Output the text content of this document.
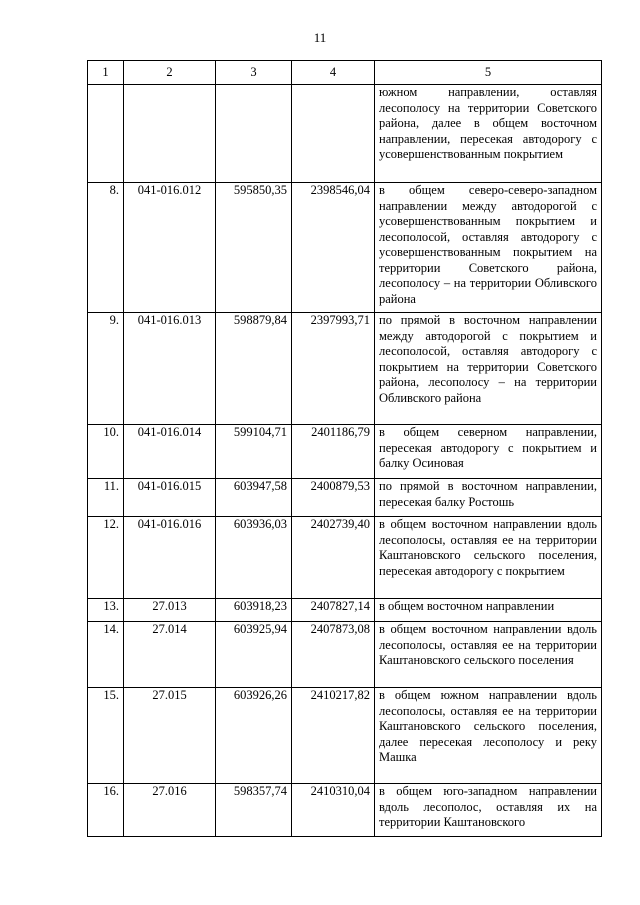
11
1	2	3	4	5
				южном направлении, оставляя лесополосу на территории Советского района, далее в общем восточном направлении, пересекая автодорогу с усовершенствованным покрытием
8.	041-016.012	595850,35	2398546,04	в общем северо-северо-западном направлении между автодорогой с усовершенствованным покрытием и лесополосой, оставляя автодорогу с усовершенствованным покрытием на территории Советского района, лесополосу – на территории Обливского района
9.	041-016.013	598879,84	2397993,71	по прямой в восточном направлении между автодорогой с покрытием и лесополосой, оставляя автодорогу с покрытием на территории Советского района, лесополосу – на территории Обливского района
10.	041-016.014	599104,71	2401186,79	в общем северном направлении, пересекая автодорогу с покрытием и балку Осиновая
11.	041-016.015	603947,58	2400879,53	по прямой в восточном направлении, пересекая балку Ростошь
12.	041-016.016	603936,03	2402739,40	в общем восточном направлении вдоль лесополосы, оставляя ее на территории Каштановского сельского поселения, пересекая автодорогу с покрытием
13.	27.013	603918,23	2407827,14	в общем восточном направлении
14.	27.014	603925,94	2407873,08	в общем восточном направлении вдоль лесополосы, оставляя ее на территории Каштановского сельского поселения
15.	27.015	603926,26	2410217,82	в общем южном направлении вдоль лесополосы, оставляя ее на территории Каштановского сельского поселения, далее пересекая лесополосу и реку Машка
16.	27.016	598357,74	2410310,04	в общем юго-западном направлении вдоль лесополос, оставляя их на территории Каштановского
